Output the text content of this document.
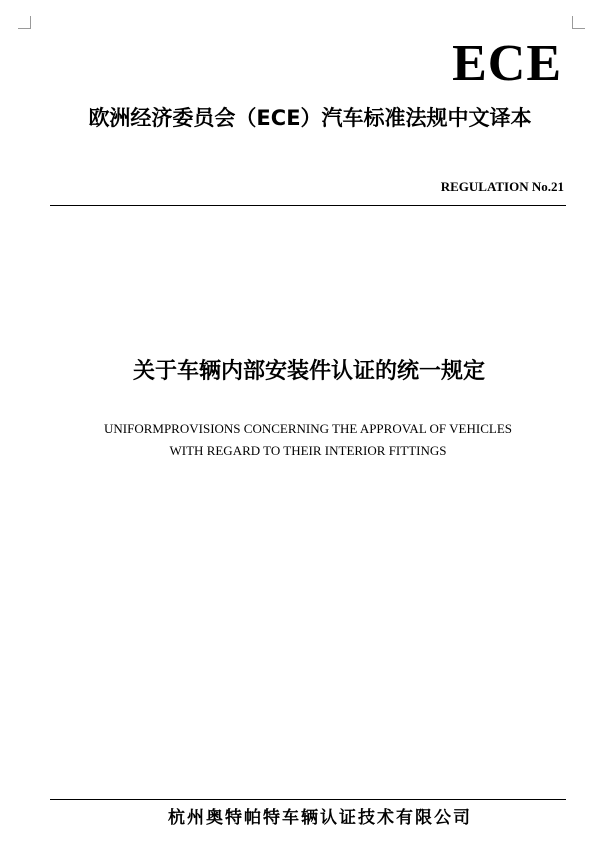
ECE
欧洲经济委员会（ECE）汽车标准法规中文译本
REGULATION No.21
关于车辆内部安装件认证的统一规定
UNIFORMPROVISIONS CONCERNING THE APPROVAL OF VEHICLES
WITH REGARD TO THEIR INTERIOR FITTINGS
杭州奥特帕特车辆认证技术有限公司
